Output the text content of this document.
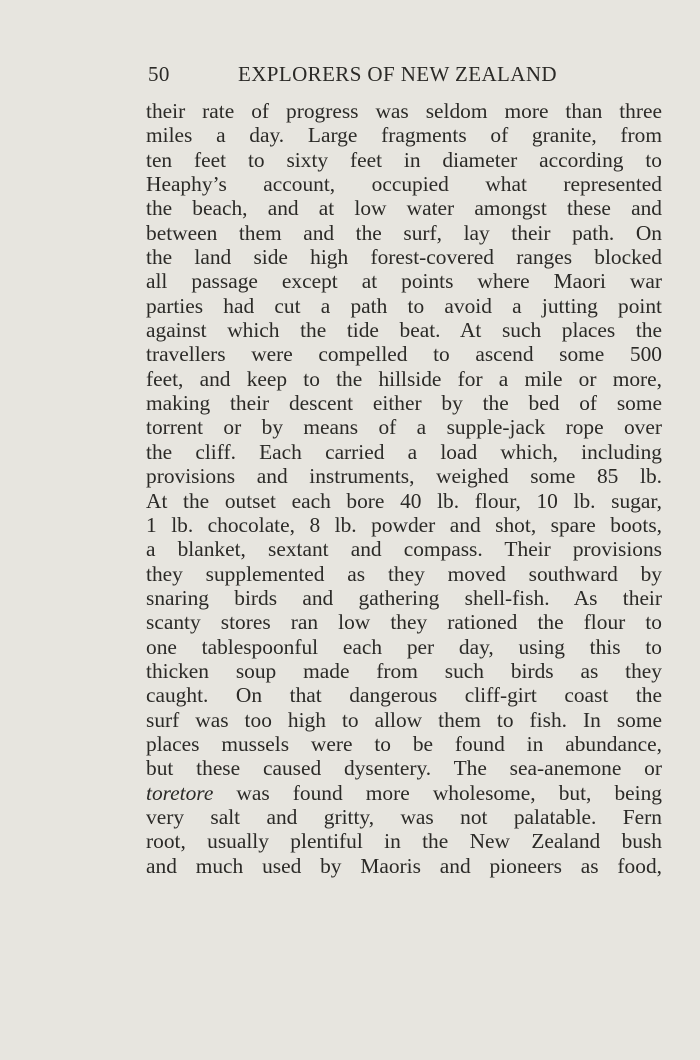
50	EXPLORERS OF NEW ZEALAND
their rate of progress was seldom more than three
miles a day. Large fragments of granite, from
ten feet to sixty feet in diameter according to
Heaphy’s account, occupied what represented
the beach, and at low water amongst these and
between them and the surf, lay their path. On
the land side high forest-covered ranges blocked
all passage except at points where Maori war
parties had cut a path to avoid a jutting point
against which the tide beat. At such places the
travellers were compelled to ascend some 500
feet, and keep to the hillside for a mile or more,
making their descent either by the bed of some
torrent or by means of a supple-jack rope over
the cliff. Each carried a load which, including
provisions and instruments, weighed some 85 lb.
At the outset each bore 40 lb. flour, 10 lb. sugar,
1 lb. chocolate, 8 lb. powder and shot, spare boots,
a blanket, sextant and compass. Their provisions
they supplemented as they moved southward by
snaring birds and gathering shell-fish. As their
scanty stores ran low they rationed the flour to
one tablespoonful each per day, using this to
thicken soup made from such birds as they
caught. On that dangerous cliff-girt coast the
surf was too high to allow them to fish. In some
places mussels were to be found in abundance,
but these caused dysentery. The sea-anemone or
toretore was found more wholesome, but, being
very salt and gritty, was not palatable. Fern
root, usually plentiful in the New Zealand bush
and much used by Maoris and pioneers as food,
